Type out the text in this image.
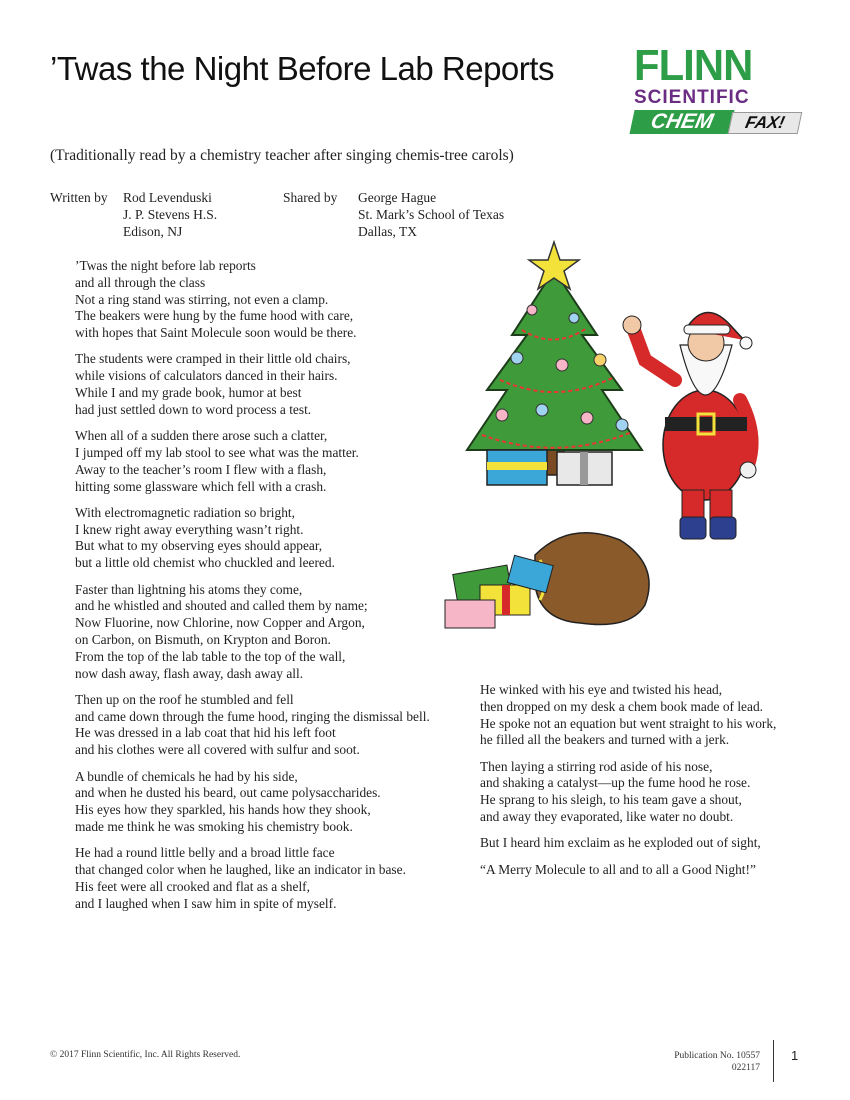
’Twas the Night Before Lab Reports	FLINN
SCIENTIFIC
CHEM	FAX!
(Traditionally read by a chemistry teacher after singing chemis-tree carols)
Written by Rod Levenduski
J. P. Stevens H.S.
Edison, NJ
Shared by George Hague
St. Mark’s School of Texas
Dallas, TX
’Twas the night before lab reports
and all through the class
Not a ring stand was stirring, not even a clamp.
The beakers were hung by the fume hood with care,
with hopes that Saint Molecule soon would be there.
The students were cramped in their little old chairs,
while visions of calculators danced in their hairs.
While I and my grade book, humor at best
had just settled down to word process a test.
When all of a sudden there arose such a clatter,
I jumped off my lab stool to see what was the matter.
Away to the teacher’s room I flew with a flash,
hitting some glassware which fell with a crash.
With electromagnetic radiation so bright,
I knew right away everything wasn’t right.
But what to my observing eyes should appear,
but a little old chemist who chuckled and leered.
Faster than lightning his atoms they come,
and he whistled and shouted and called them by name;
Now Fluorine, now Chlorine, now Copper and Argon,
on Carbon, on Bismuth, on Krypton and Boron.
From the top of the lab table to the top of the wall,
now dash away, flash away, dash away all.
Then up on the roof he stumbled and fell
and came down through the fume hood, ringing the dismissal bell.
He was dressed in a lab coat that hid his left foot
and his clothes were all covered with sulfur and soot.
A bundle of chemicals he had by his side,
and when he dusted his beard, out came polysaccharides.
His eyes how they sparkled, his hands how they shook,
made me think he was smoking his chemistry book.
He had a round little belly and a broad little face
that changed color when he laughed, like an indicator in base.
His feet were all crooked and flat as a shelf,
and I laughed when I saw him in spite of myself.
He winked with his eye and twisted his head,
then dropped on my desk a chem book made of lead.
He spoke not an equation but went straight to his work,
he filled all the beakers and turned with a jerk.
Then laying a stirring rod aside of his nose,
and shaking a catalyst—up the fume hood he rose.
He sprang to his sleigh, to his team gave a shout,
and away they evaporated, like water no doubt.
But I heard him exclaim as he exploded out of sight,
“A Merry Molecule to all and to all a Good Night!”
© 2017 Flinn Scientific, Inc. All Rights Reserved.	Publication No. 10557
022117
1
